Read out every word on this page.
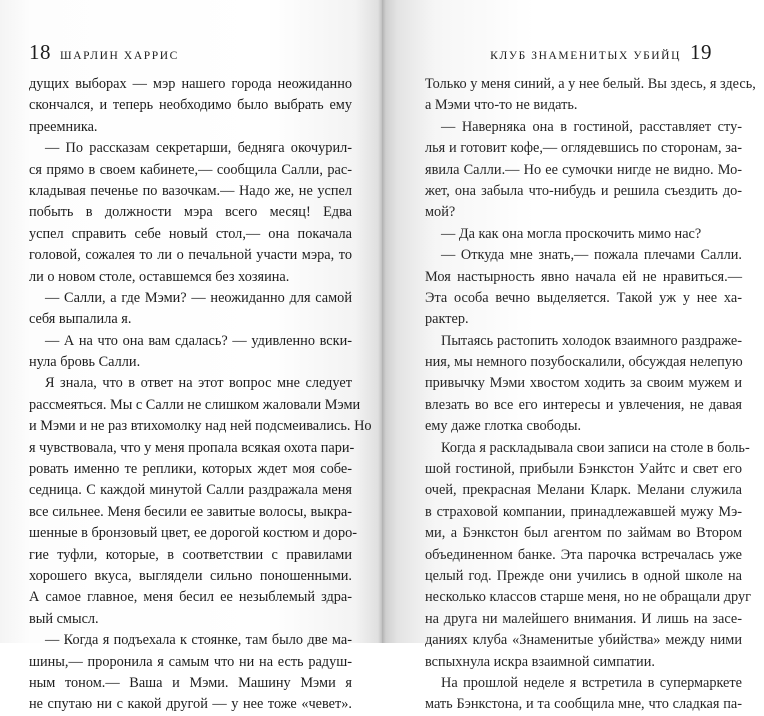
18 ШАРЛИН ХАРРИС
дущих выборах — мэр нашего города неожиданно
скончался, и теперь необходимо было выбрать ему
преемника.
— По рассказам секретарши, бедняга окочурил-
ся прямо в своем кабинете,— сообщила Салли, рас-
кладывая печенье по вазочкам.— Надо же, не успел
побыть в должности мэра всего месяц! Едва
успел справить себе новый стол,— она покачала
головой, сожалея то ли о печальной участи мэра, то
ли о новом столе, оставшемся без хозяина.
— Салли, а где Мэми? — неожиданно для самой
себя выпалила я.
— А на что она вам сдалась? — удивленно вски-
нула бровь Салли.
Я знала, что в ответ на этот вопрос мне следует
рассмеяться. Мы с Салли не слишком жаловали Мэми
и Мэми и не раз втихомолку над ней подсмеивались. Но
я чувствовала, что у меня пропала всякая охота пари-
ровать именно те реплики, которых ждет моя собе-
седница. С каждой минутой Салли раздражала меня
все сильнее. Меня бесили ее завитые волосы, выкра-
шенные в бронзовый цвет, ее дорогой костюм и доро-
гие туфли, которые, в соответствии с правилами
хорошего вкуса, выглядели сильно поношенными.
А самое главное, меня бесил ее незыблемый здра-
вый смысл.
— Когда я подъехала к стоянке, там было две ма-
шины,— проронила я самым что ни на есть радуш-
ным тоном.— Ваша и Мэми. Машину Мэми я
не спутаю ни с какой другой — у нее тоже «чевет».
КЛУБ ЗНАМЕНИТЫХ УБИЙЦ 19
Только у меня синий, а у нее белый. Вы здесь, я здесь,
а Мэми что-то не видать.
— Наверняка она в гостиной, расставляет сту-
лья и готовит кофе,— оглядевшись по сторонам, за-
явила Салли.— Но ее сумочки нигде не видно. Мо-
жет, она забыла что-нибудь и решила съездить до-
мой?
— Да как она могла проскочить мимо нас?
— Откуда мне знать,— пожала плечами Салли.
Моя настырность явно начала ей не нравиться.—
Эта особа вечно выделяется. Такой уж у нее ха-
рактер.
Пытаясь растопить холодок взаимного раздраже-
ния, мы немного позубоскалили, обсуждая нелепую
привычку Мэми хвостом ходить за своим мужем и
влезать во все его интересы и увлечения, не давая
ему даже глотка свободы.
Когда я раскладывала свои записи на столе в боль-
шой гостиной, прибыли Бэнкстон Уайтс и свет его
очей, прекрасная Мелани Кларк. Мелани служила
в страховой компании, принадлежавшей мужу Мэ-
ми, а Бэнкстон был агентом по займам во Втором
объединенном банке. Эта парочка встречалась уже
целый год. Прежде они учились в одной школе на
несколько классов старше меня, но не обращали друг
на друга ни малейшего внимания. И лишь на засе-
даниях клуба «Знаменитые убийства» между ними
вспыхнула искра взаимной симпатии.
На прошлой неделе я встретила в супермаркете
мать Бэнкстона, и та сообщила мне, что сладкая па-
